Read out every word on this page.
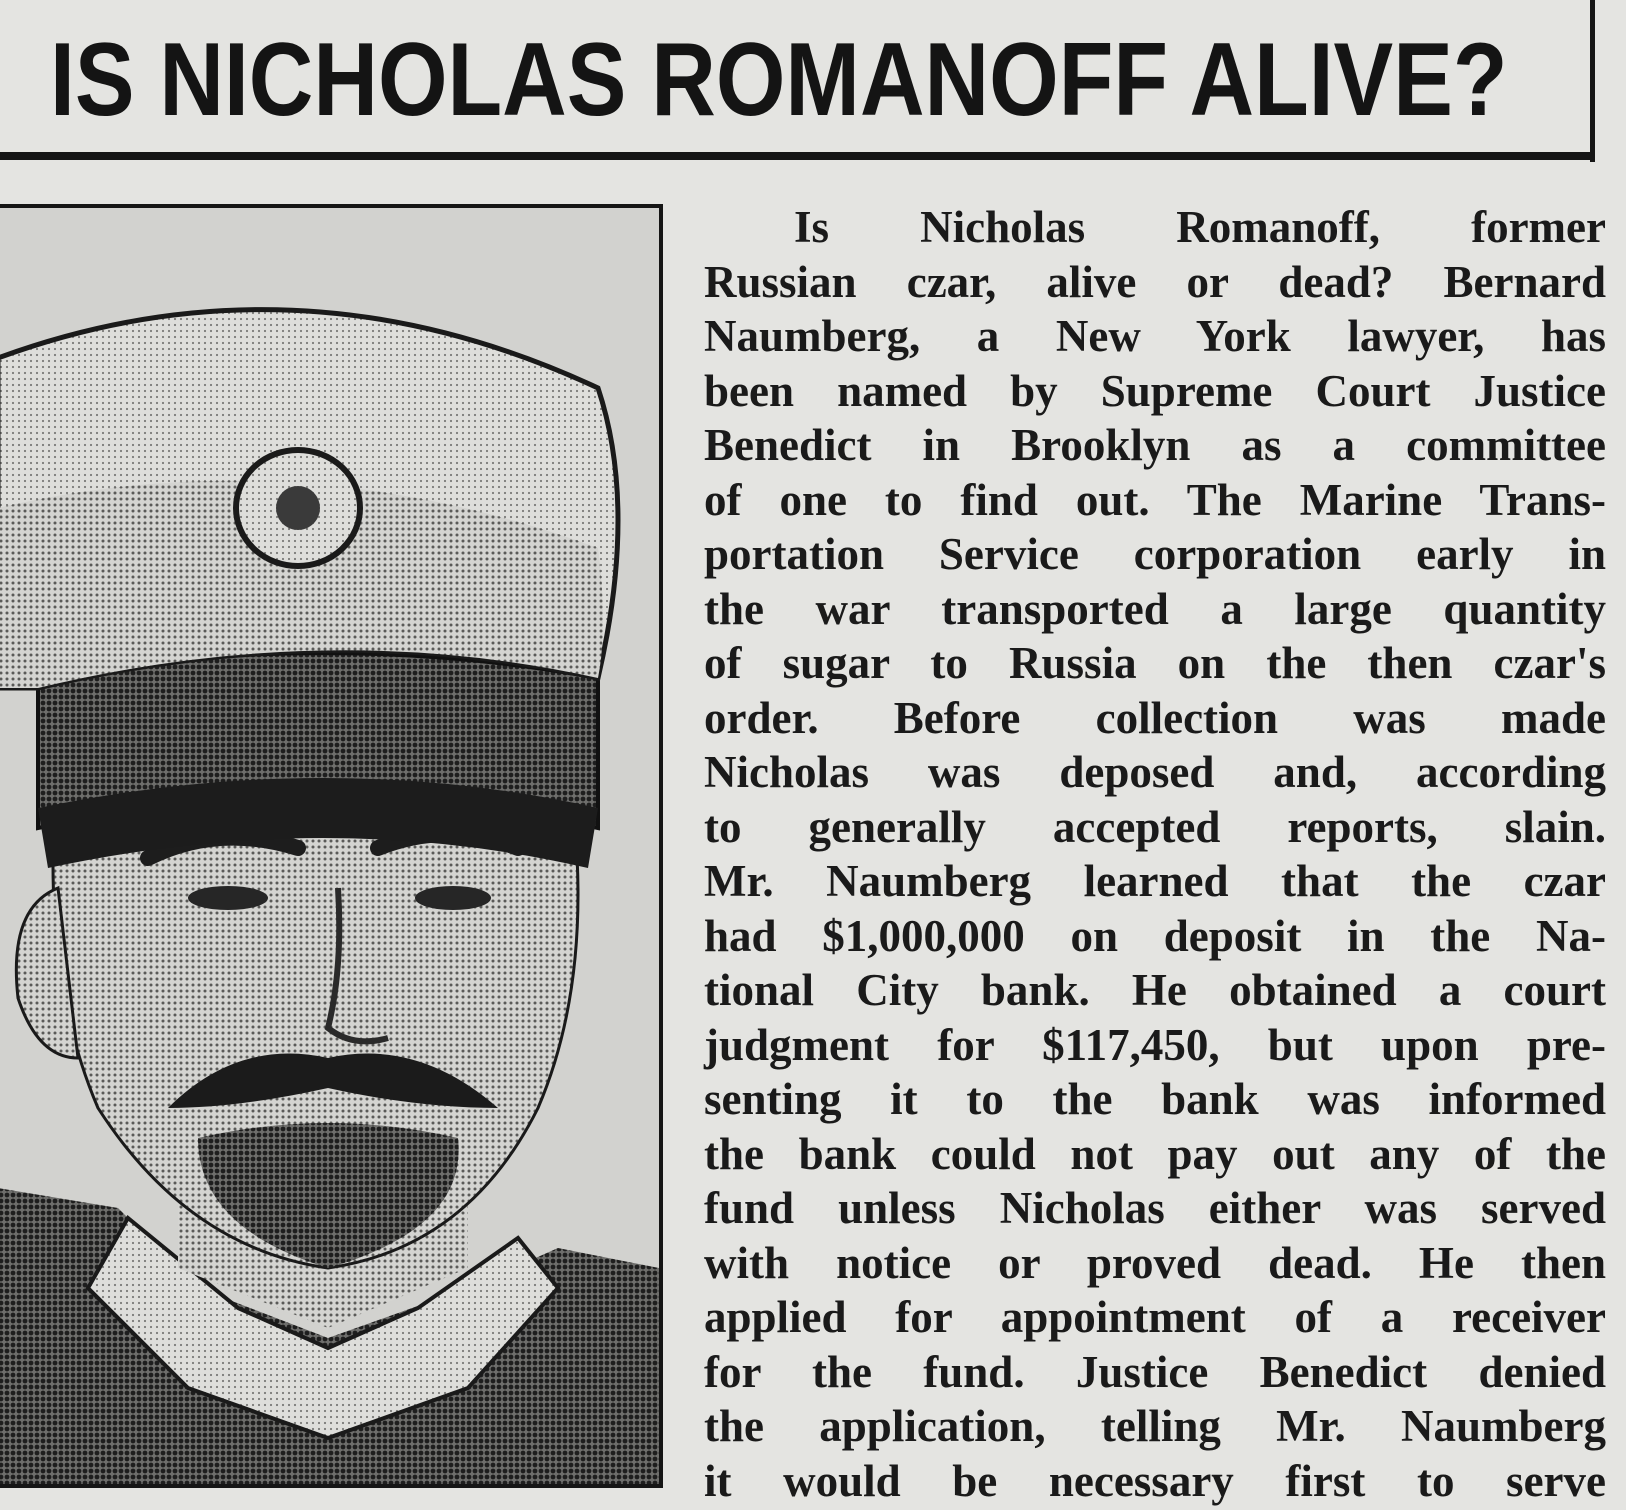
IS NICHOLAS ROMANOFF ALIVE?
Is Nicholas Romanoff, former
Russian czar, alive or dead? Bernard
Naumberg, a New York lawyer, has
been named by Supreme Court Justice
Benedict in Brooklyn as a committee
of one to find out. The Marine Trans-
portation Service corporation early in
the war transported a large quantity
of sugar to Russia on the then czar's
order. Before collection was made
Nicholas was deposed and, according
to generally accepted reports, slain.
Mr. Naumberg learned that the czar
had $1,000,000 on deposit in the Na-
tional City bank. He obtained a court
judgment for $117,450, but upon pre-
senting it to the bank was informed
the bank could not pay out any of the
fund unless Nicholas either was served
with notice or proved dead. He then
applied for appointment of a receiver
for the fund. Justice Benedict denied
the application, telling Mr. Naumberg
it would be necessary first to serve
